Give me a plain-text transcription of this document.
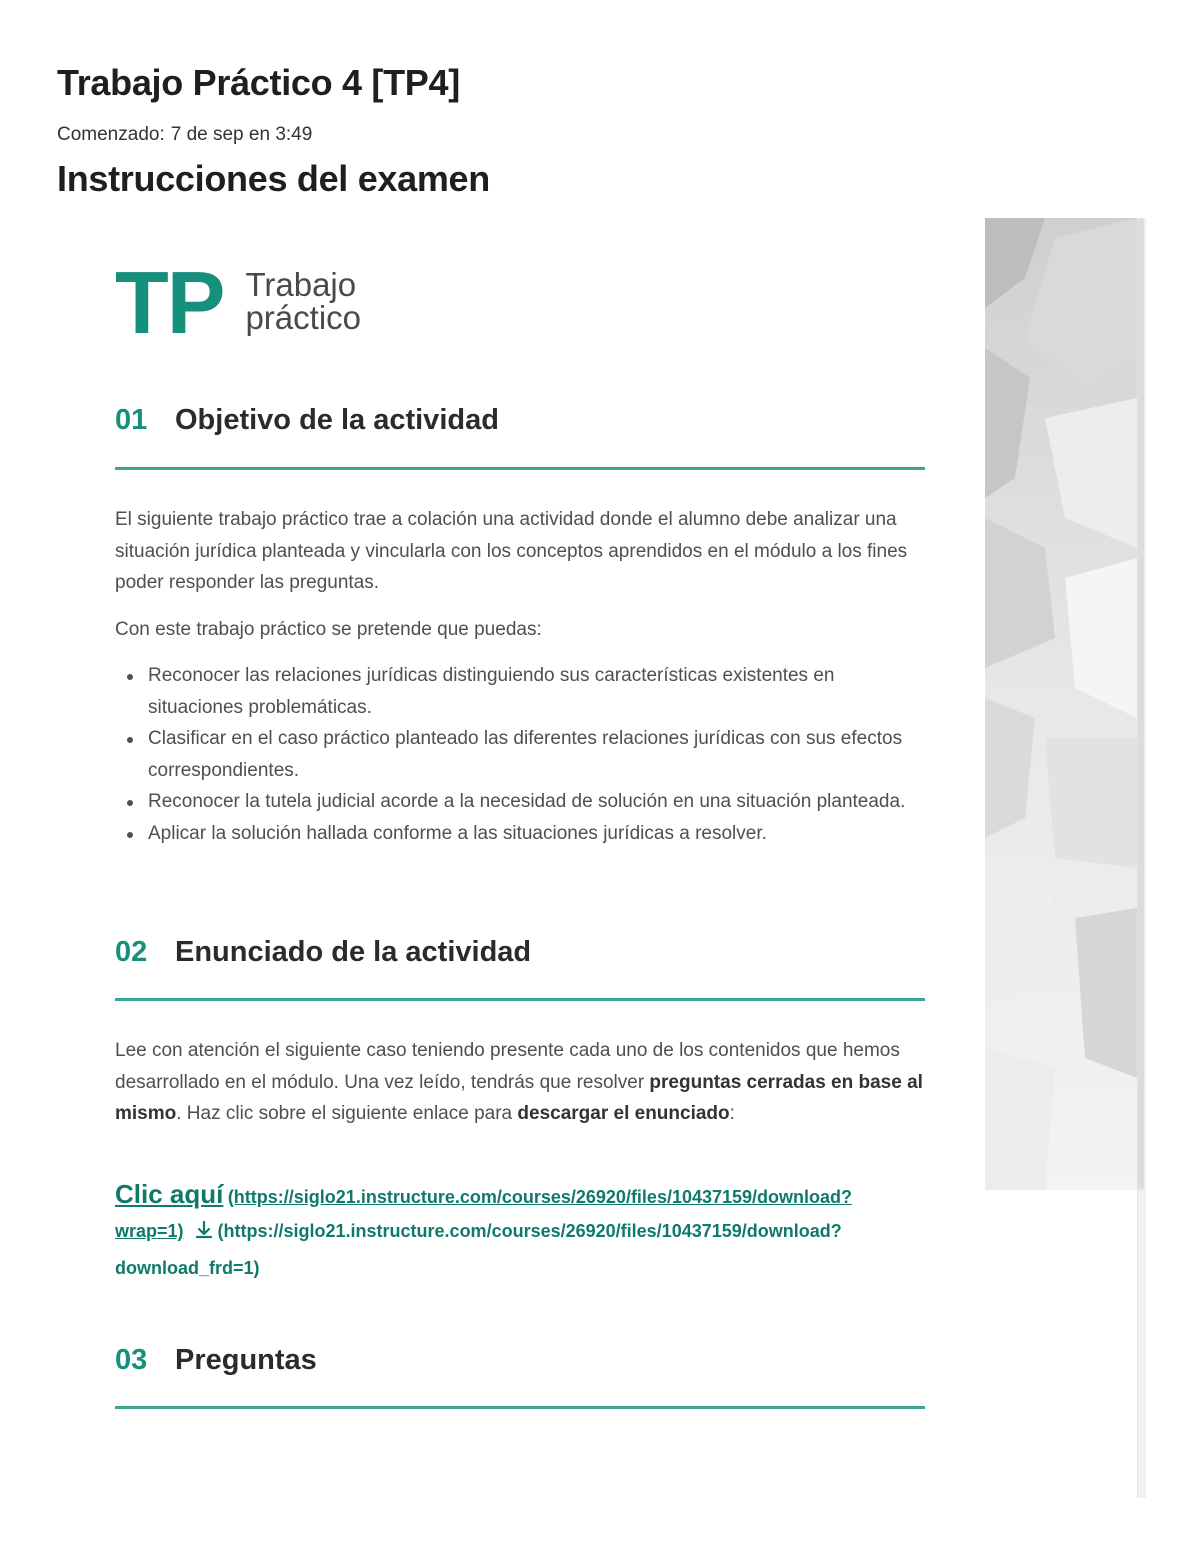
Trabajo Práctico 4 [TP4]
Comenzado: 7 de sep en 3:49
Instrucciones del examen
TP Trabajo
práctico
01 Objetivo de la actividad
El siguiente trabajo práctico trae a colación una actividad donde el alumno debe analizar una situación jurídica planteada y vincularla con los conceptos aprendidos en el módulo a los fines poder responder las preguntas.
Con este trabajo práctico se pretende que puedas:
Reconocer las relaciones jurídicas distinguiendo sus características existentes en situaciones problemáticas.
Clasificar en el caso práctico planteado las diferentes relaciones jurídicas con sus efectos correspondientes.
Reconocer la tutela judicial acorde a la necesidad de solución en una situación planteada.
Aplicar la solución hallada conforme a las situaciones jurídicas a resolver.
02 Enunciado de la actividad
Lee con atención el siguiente caso teniendo presente cada uno de los contenidos que hemos desarrollado en el módulo. Una vez leído, tendrás que resolver preguntas cerradas en base al mismo. Haz clic sobre el siguiente enlace para descargar el enunciado:
Clic aquí (https://siglo21.instructure.com/courses/26920/files/10437159/download?
wrap=1) (https://siglo21.instructure.com/courses/26920/files/10437159/download?
download_frd=1)
03 Preguntas
